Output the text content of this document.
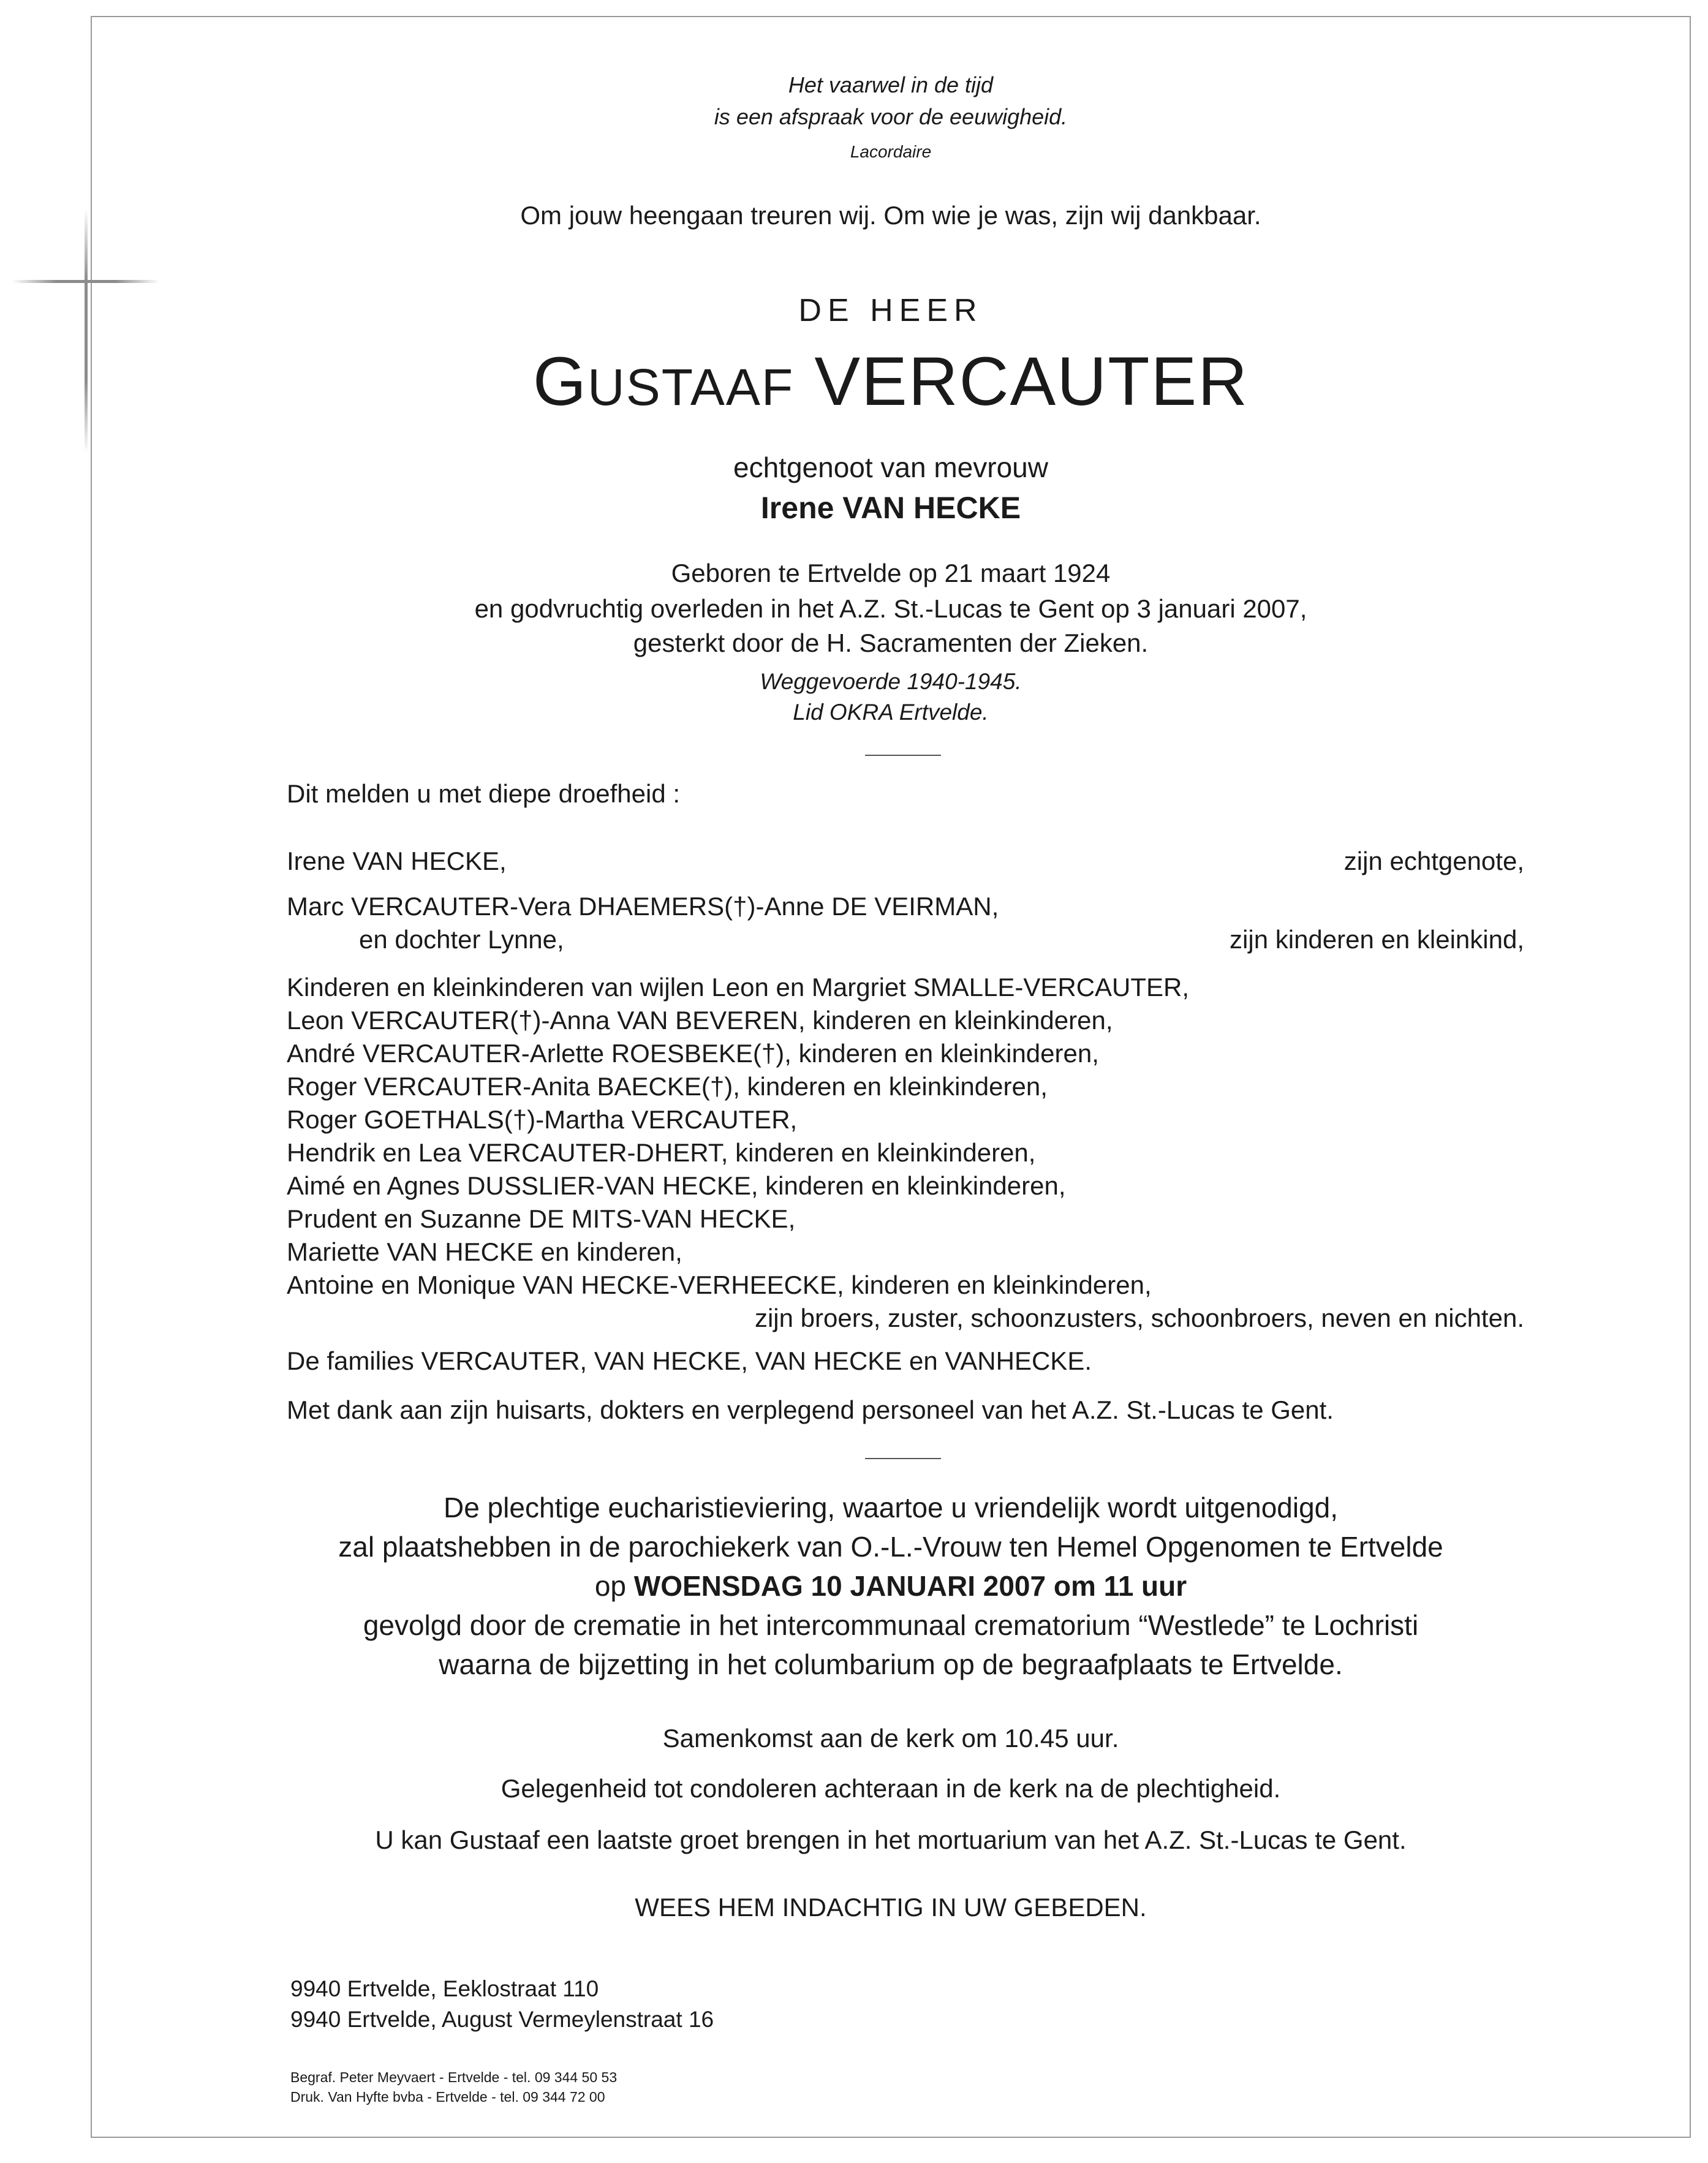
Het vaarwel in de tijd
is een afspraak voor de eeuwigheid.
Lacordaire
Om jouw heengaan treuren wij. Om wie je was, zijn wij dankbaar.
DE HEER
GUSTAAF VERCAUTER
echtgenoot van mevrouw
Irene VAN HECKE
Geboren te Ertvelde op 21 maart 1924
en godvruchtig overleden in het A.Z. St.-Lucas te Gent op 3 januari 2007,
gesterkt door de H. Sacramenten der Zieken.
Weggevoerde 1940-1945.
Lid OKRA Ertvelde.
Dit melden u met diepe droefheid :
Irene VAN HECKE,	zijn echtgenote,
Marc VERCAUTER-Vera DHAEMERS(†)-Anne DE VEIRMAN,
en dochter Lynne,	zijn kinderen en kleinkind,
Kinderen en kleinkinderen van wijlen Leon en Margriet SMALLE-VERCAUTER,
Leon VERCAUTER(†)-Anna VAN BEVEREN, kinderen en kleinkinderen,
André VERCAUTER-Arlette ROESBEKE(†), kinderen en kleinkinderen,
Roger VERCAUTER-Anita BAECKE(†), kinderen en kleinkinderen,
Roger GOETHALS(†)-Martha VERCAUTER,
Hendrik en Lea VERCAUTER-DHERT, kinderen en kleinkinderen,
Aimé en Agnes DUSSLIER-VAN HECKE, kinderen en kleinkinderen,
Prudent en Suzanne DE MITS-VAN HECKE,
Mariette VAN HECKE en kinderen,
Antoine en Monique VAN HECKE-VERHEECKE, kinderen en kleinkinderen,
zijn broers, zuster, schoonzusters, schoonbroers, neven en nichten.
De families VERCAUTER, VAN HECKE, VAN HECKE en VANHECKE.
Met dank aan zijn huisarts, dokters en verplegend personeel van het A.Z. St.-Lucas te Gent.
De plechtige eucharistieviering, waartoe u vriendelijk wordt uitgenodigd,
zal plaatshebben in de parochiekerk van O.-L.-Vrouw ten Hemel Opgenomen te Ertvelde
op WOENSDAG 10 JANUARI 2007 om 11 uur
gevolgd door de crematie in het intercommunaal crematorium “Westlede” te Lochristi
waarna de bijzetting in het columbarium op de begraafplaats te Ertvelde.
Samenkomst aan de kerk om 10.45 uur.
Gelegenheid tot condoleren achteraan in de kerk na de plechtigheid.
U kan Gustaaf een laatste groet brengen in het mortuarium van het A.Z. St.-Lucas te Gent.
WEES HEM INDACHTIG IN UW GEBEDEN.
9940 Ertvelde, Eeklostraat 110
9940 Ertvelde, August Vermeylenstraat 16
Begraf. Peter Meyvaert - Ertvelde - tel. 09 344 50 53
Druk. Van Hyfte bvba - Ertvelde - tel. 09 344 72 00
